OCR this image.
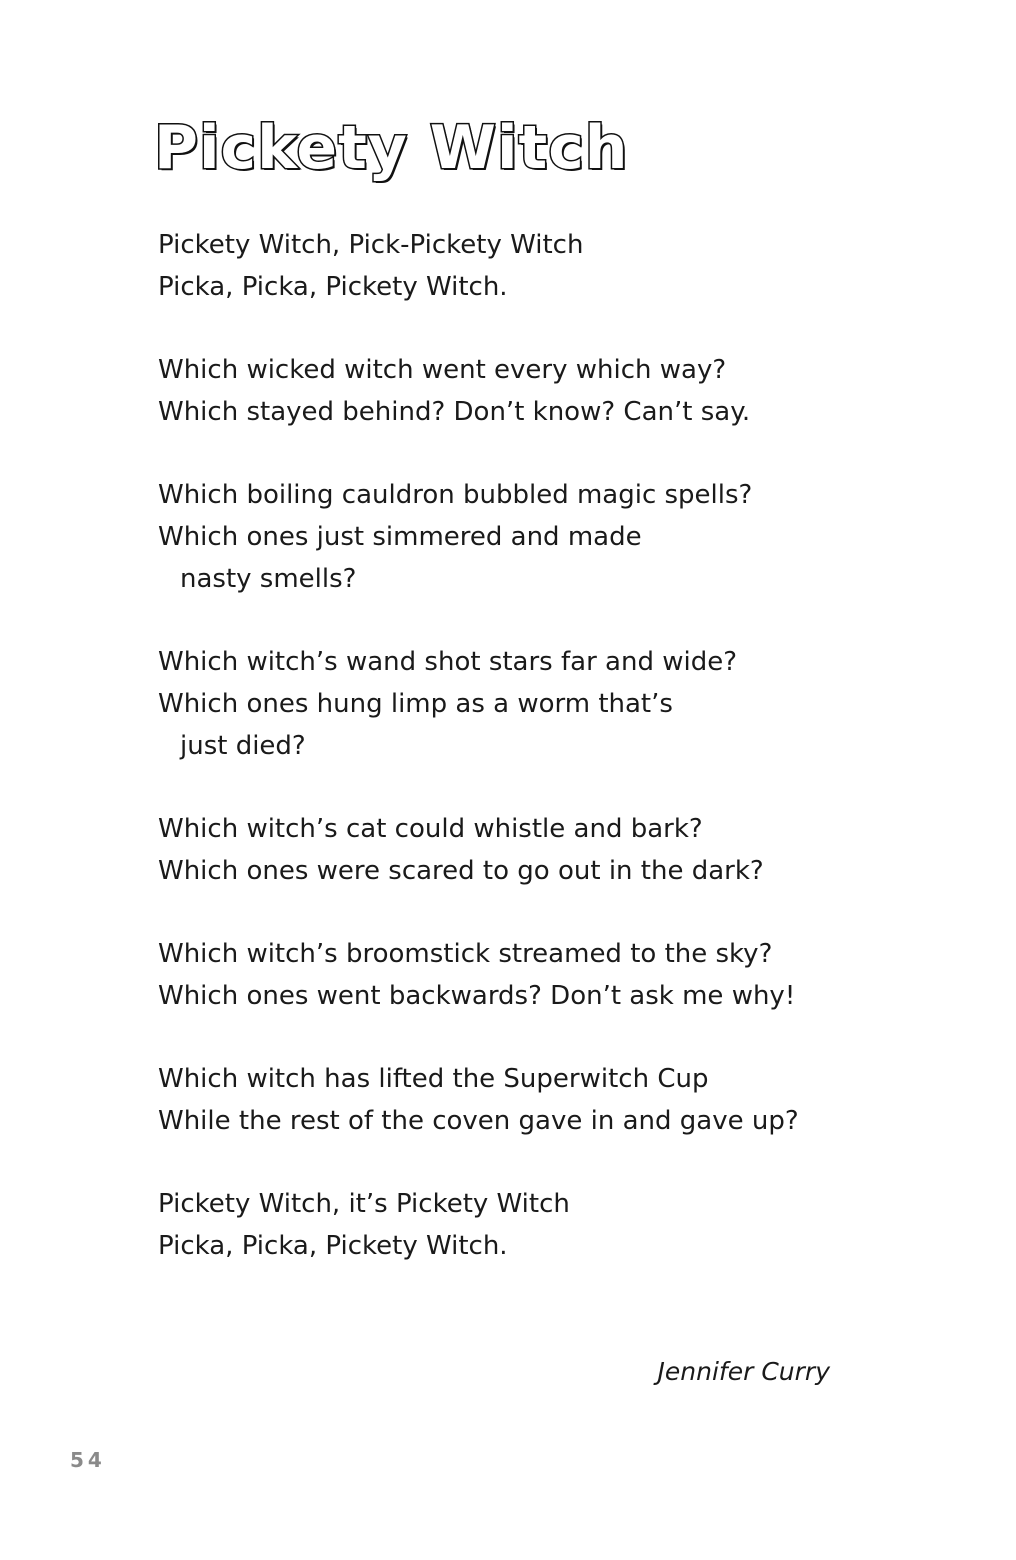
Pickety Witch
Pickety Witch, Pick-Pickety Witch
Picka, Picka, Pickety Witch.
Which wicked witch went every which way?
Which stayed behind? Don’t know? Can’t say.
Which boiling cauldron bubbled magic spells?
Which ones just simmered and made
nasty smells?
Which witch’s wand shot stars far and wide?
Which ones hung limp as a worm that’s
just died?
Which witch’s cat could whistle and bark?
Which ones were scared to go out in the dark?
Which witch’s broomstick streamed to the sky?
Which ones went backwards? Don’t ask me why!
Which witch has lifted the Superwitch Cup
While the rest of the coven gave in and gave up?
Pickety Witch, it’s Pickety Witch
Picka, Picka, Pickety Witch.
Jennifer Curry
54
